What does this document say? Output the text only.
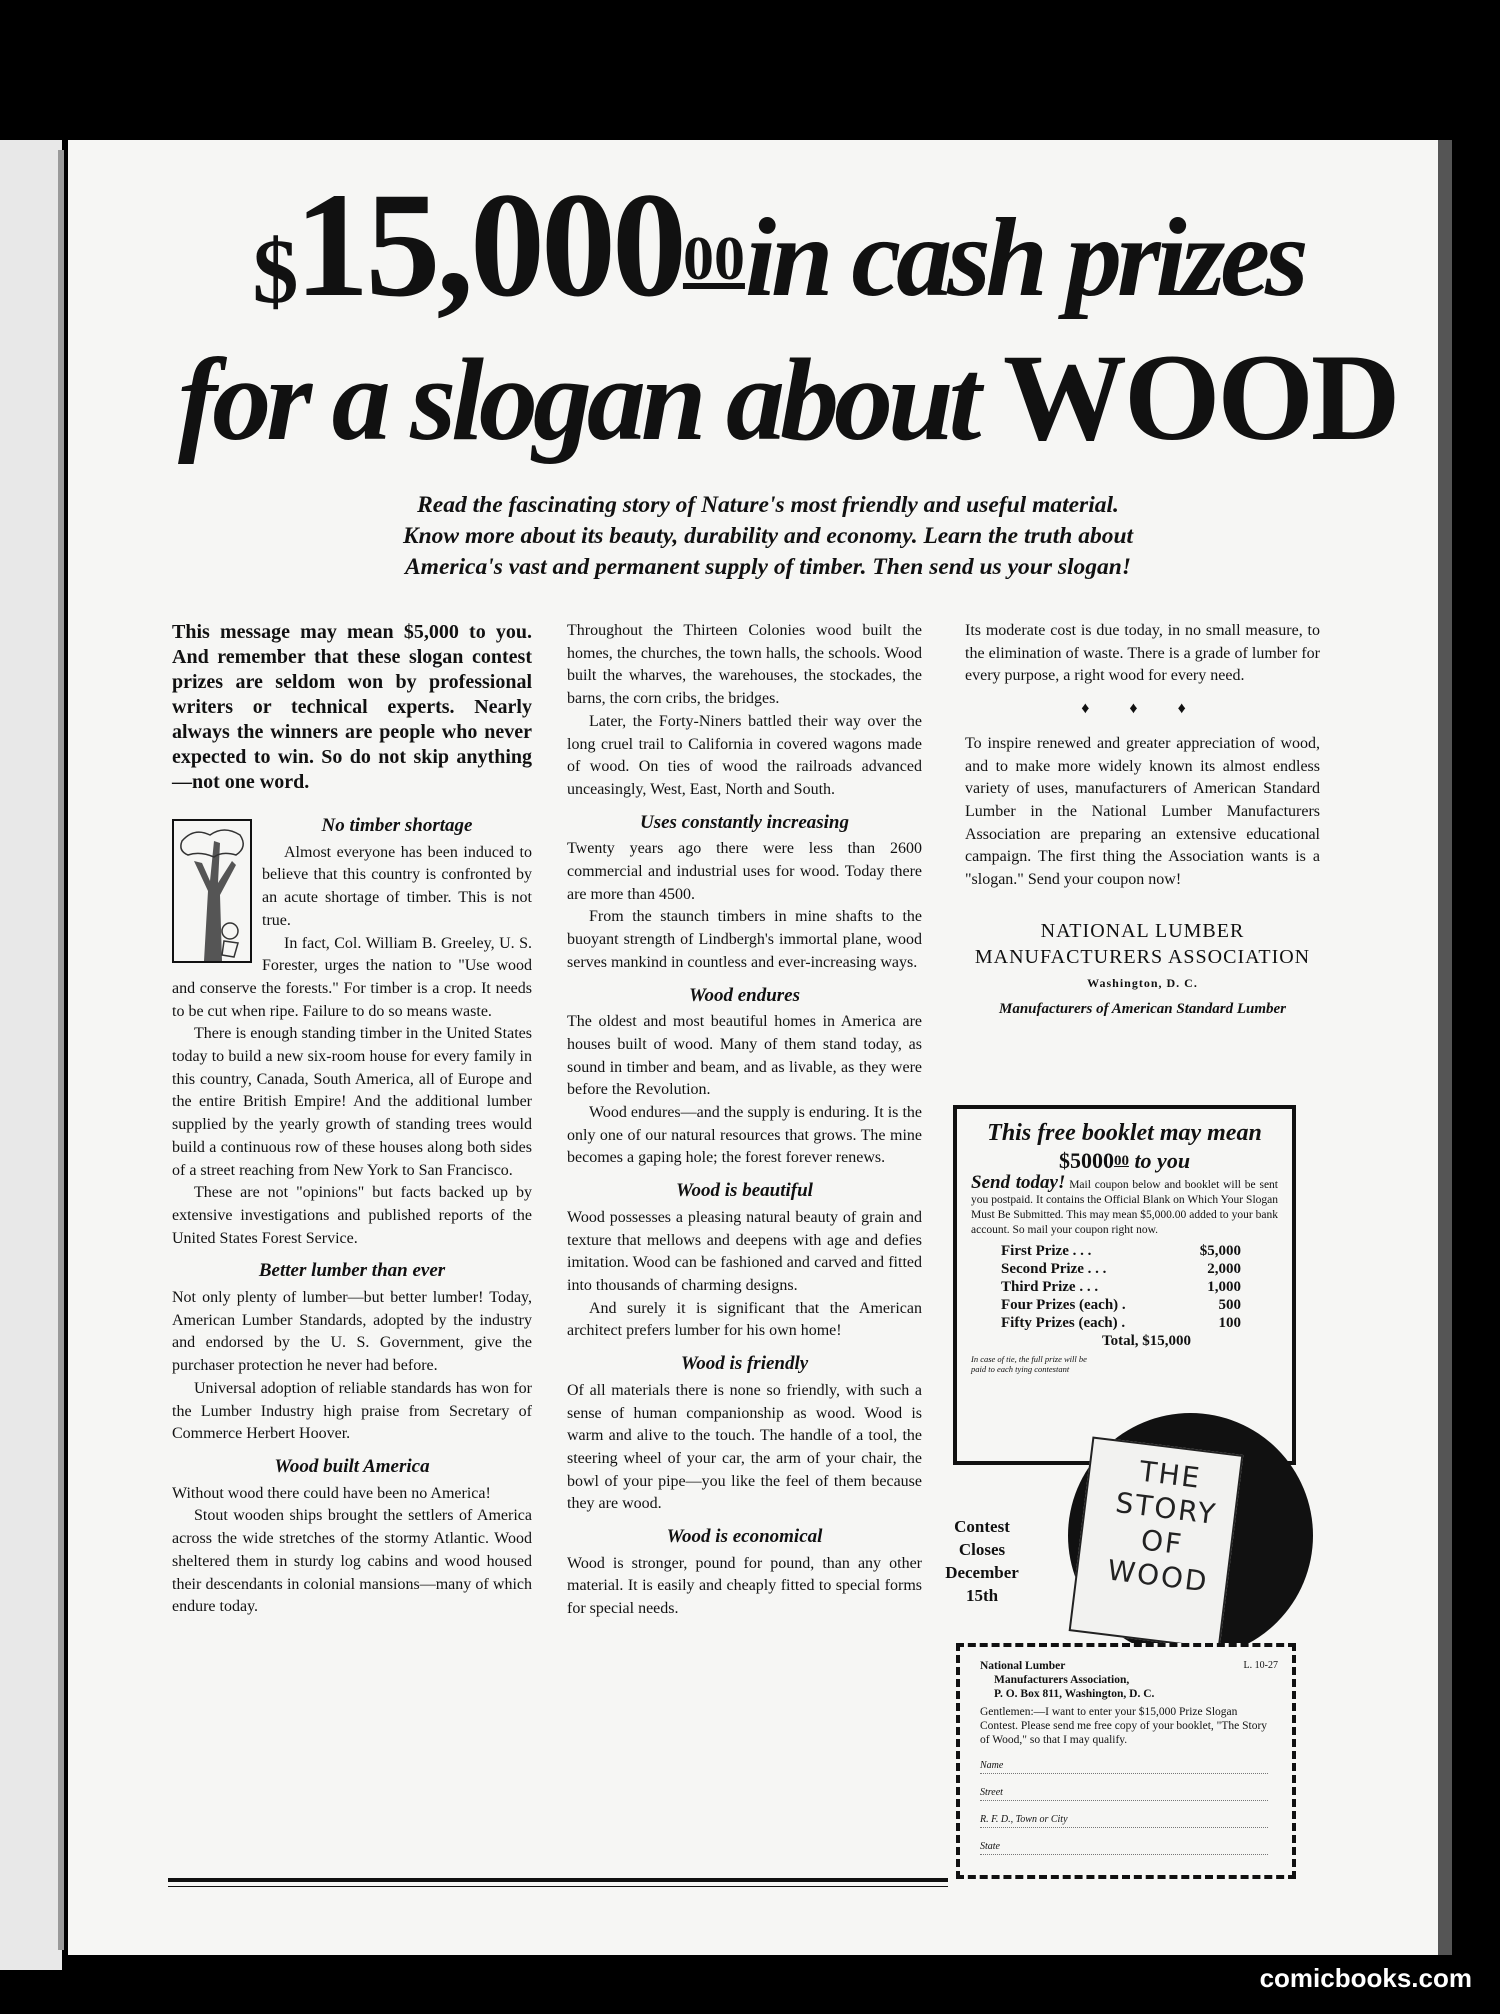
$15,000$^{00}$in cash prizes
for a slogan about WOOD
Read the fascinating story of Nature's most friendly and useful material.
Know more about its beauty, durability and economy. Learn the truth about
America's vast and permanent supply of timber. Then send us your slogan!
This message may mean $5,000 to you. And remember that these slogan contest prizes are seldom won by professional writers or technical experts. Nearly always the winners are people who never expected to win. So do not skip anything—not one word.
No timber shortage

Almost everyone has been induced to believe that this country is confronted by an acute shortage of timber. This is not true.

In fact, Col. William B. Greeley, U. S. Forester, urges the nation to "Use wood and conserve the forests." For timber is a crop. It needs to be cut when ripe. Failure to do so means waste.

There is enough standing timber in the United States today to build a new six-room house for every family in this country, Canada, South America, all of Europe and the entire British Empire! And the additional lumber supplied by the yearly growth of standing trees would build a continuous row of these houses along both sides of a street reaching from New York to San Francisco.

These are not "opinions" but facts backed up by extensive investigations and published reports of the United States Forest Service.

Better lumber than ever

Not only plenty of lumber—but better lumber! Today, American Lumber Standards, adopted by the industry and endorsed by the U. S. Government, give the purchaser protection he never had before.

Universal adoption of reliable standards has won for the Lumber Industry high praise from Secretary of Commerce Herbert Hoover.

Wood built America

Without wood there could have been no America!

Stout wooden ships brought the settlers of America across the wide stretches of the stormy Atlantic. Wood sheltered them in sturdy log cabins and wood housed their descendants in colonial mansions—many of which endure today.

Throughout the Thirteen Colonies wood built the homes, the churches, the town halls, the schools. Wood built the wharves, the warehouses, the stockades, the barns, the corn cribs, the bridges.

Later, the Forty-Niners battled their way over the long cruel trail to California in covered wagons made of wood. On ties of wood the railroads advanced unceasingly, West, East, North and South.

Uses constantly increasing

Twenty years ago there were less than 2600 commercial and industrial uses for wood. Today there are more than 4500.

From the staunch timbers in mine shafts to the buoyant strength of Lindbergh's immortal plane, wood serves mankind in countless and ever-increasing ways.

Wood endures

The oldest and most beautiful homes in America are houses built of wood. Many of them stand today, as sound in timber and beam, and as livable, as they were before the Revolution.

Wood endures—and the supply is enduring. It is the only one of our natural resources that grows. The mine becomes a gaping hole; the forest forever renews.

Wood is beautiful

Wood possesses a pleasing natural beauty of grain and texture that mellows and deepens with age and defies imitation. Wood can be fashioned and carved and fitted into thousands of charming designs.

And surely it is significant that the American architect prefers lumber for his own home!

Wood is friendly

Of all materials there is none so friendly, with such a sense of human companionship as wood. Wood is warm and alive to the touch. The handle of a tool, the steering wheel of your car, the arm of your chair, the bowl of your pipe—you like the feel of them because they are wood.

Wood is economical

Wood is stronger, pound for pound, than any other material. It is easily and cheaply fitted to special forms for special needs.

Its moderate cost is due today, in no small measure, to the elimination of waste. There is a grade of lumber for every purpose, a right wood for every need.

♦ ♦ ♦

To inspire renewed and greater appreciation of wood, and to make more widely known its almost endless variety of uses, manufacturers of American Standard Lumber in the National Lumber Manufacturers Association are preparing an extensive educational campaign. The first thing the Association wants is a "slogan." Send your coupon now!

NATIONAL LUMBER
MANUFACTURERS ASSOCIATION
Washington, D. C.
Manufacturers of American Standard Lumber
This free booklet may mean
$5000$^{00}$ to you
Send today! Mail coupon below and booklet will be sent you postpaid. It contains the Official Blank on Which Your Slogan Must Be Submitted. This may mean $5,000.00 added to your bank account. So mail your coupon right now.
First Prize . . .	$5,000
Second Prize . . .	2,000
Third Prize . . .	1,000
Four Prizes (each) .	500
Fifty Prizes (each) .	100
Total, $15,000
In case of tie, the full prize will be paid to each tying contestant
THE
STORY
OF
WOOD
Contest
Closes
December
15th
L. 10-27
National Lumber
Manufacturers Association,
P. O. Box 811, Washington, D. C.
Gentlemen:—I want to enter your $15,000 Prize Slogan Contest. Please send me free copy of your booklet, "The Story of Wood," so that I may qualify.
Name
Street
R. F. D., Town or City
State
comicbooks.com
